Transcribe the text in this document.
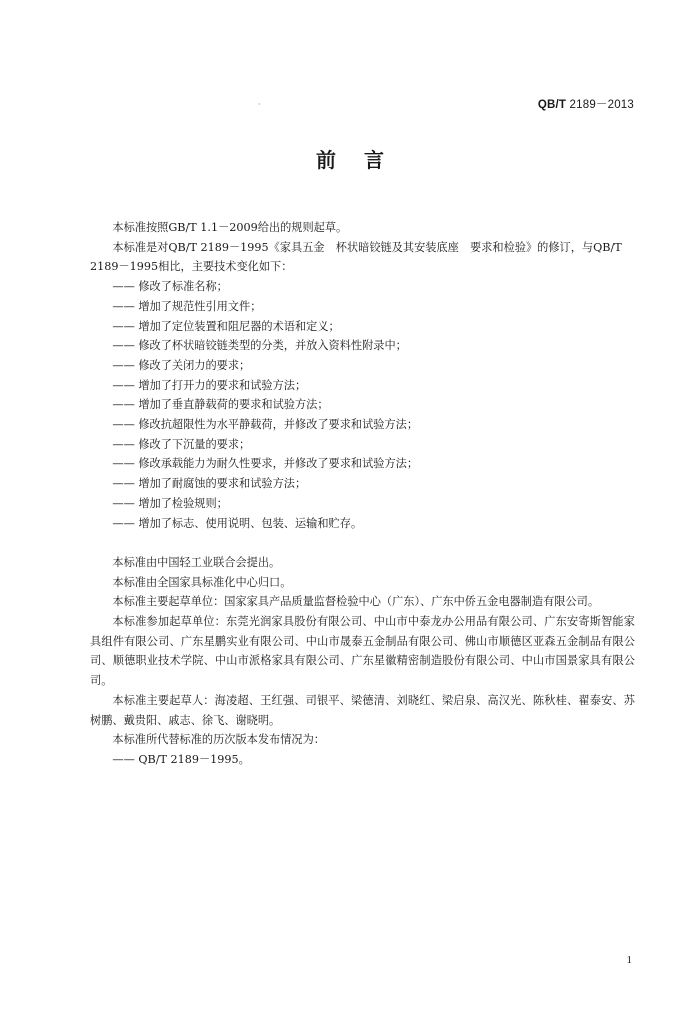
·	QB/T 2189－2013
前言

本标准按照GB/T 1.1－2009给出的规则起草。

本标准是对QB/T 2189－1995《家具五金　杯状暗铰链及其安装底座　要求和检验》的修订，与QB/T

2189－1995相比，主要技术变化如下：

—— 修改了标准名称；

—— 增加了规范性引用文件；

—— 增加了定位装置和阻尼器的术语和定义；

—— 修改了杯状暗铰链类型的分类，并放入资料性附录中；

—— 修改了关闭力的要求；

—— 增加了打开力的要求和试验方法；

—— 增加了垂直静载荷的要求和试验方法；

—— 修改抗超限性为水平静载荷，并修改了要求和试验方法；

—— 修改了下沉量的要求；

—— 修改承载能力为耐久性要求，并修改了要求和试验方法；

—— 增加了耐腐蚀的要求和试验方法；

—— 增加了检验规则；

—— 增加了标志、使用说明、包装、运输和贮存。

本标准由中国轻工业联合会提出。

本标准由全国家具标准化中心归口。

本标准主要起草单位：国家家具产品质量监督检验中心（广东）、广东中侨五金电器制造有限公司。

本标准参加起草单位：东莞光润家具股份有限公司、中山市中泰龙办公用品有限公司、广东安寄斯智能家具组件有限公司、广东星鹏实业有限公司、中山市晟泰五金制品有限公司、佛山市顺德区亚森五金制品有限公司、顺德职业技术学院、中山市派格家具有限公司、广东星徽精密制造股份有限公司、中山市国景家具有限公司。

本标准主要起草人：海凌超、王红强、司银平、梁德清、刘晓红、梁启泉、高汉光、陈秋桂、翟泰安、苏树鹏、戴贵阳、戚志、徐飞、谢晓明。

本标准所代替标准的历次版本发布情况为：

—— QB/T 2189－1995。

1
